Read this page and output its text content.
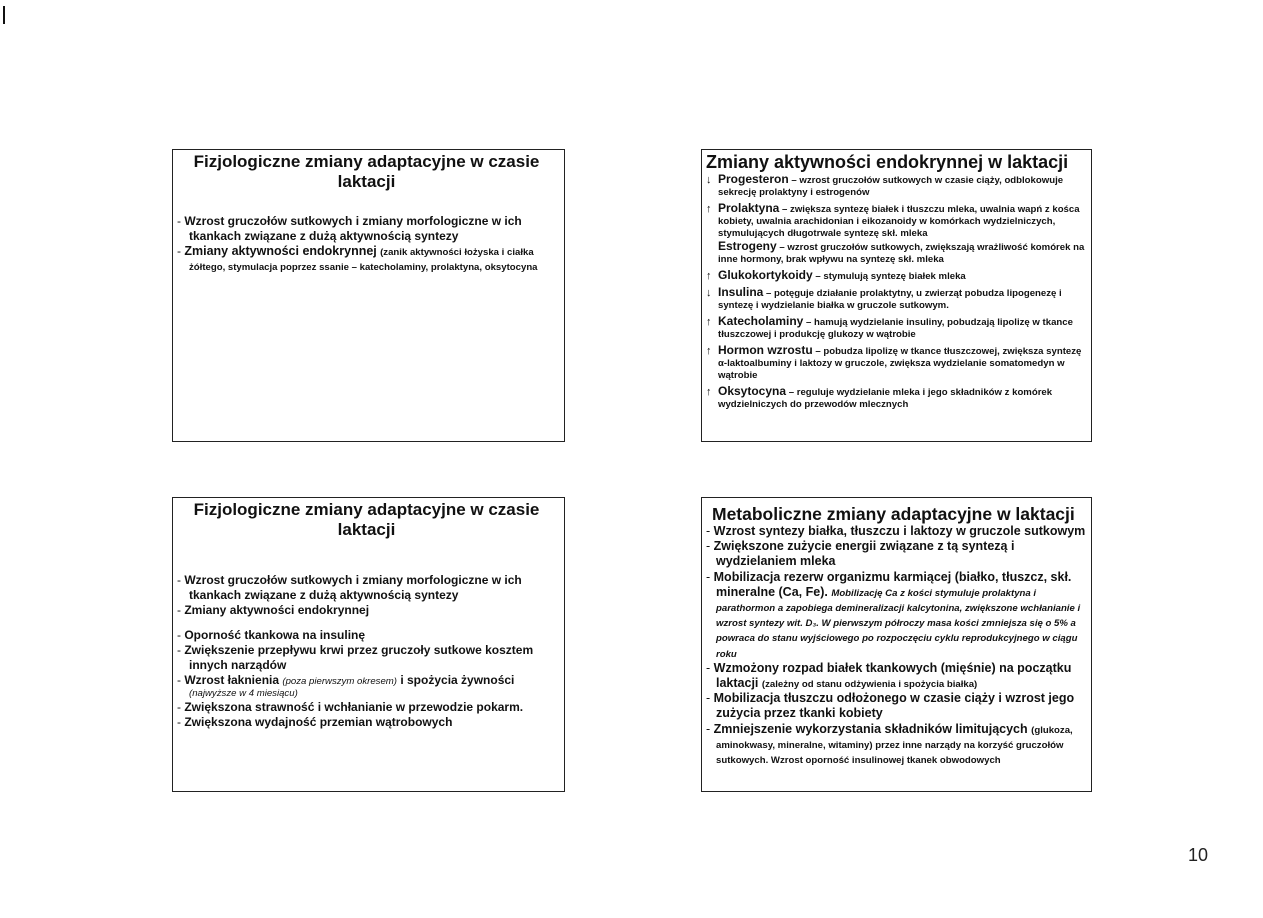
Fizjologiczne zmiany adaptacyjne w czasie laktacji

- Wzrost gruczołów sutkowych i zmiany morfologiczne w ich tkankach związane z dużą aktywnością syntezy

- Zmiany aktywności endokrynnej (zanik aktywności łożyska i ciałka żółtego, stymulacja poprzez ssanie – katecholaminy, prolaktyna, oksytocyna

Zmiany aktywności endokrynnej w laktacji

↓ Progesteron – wzrost gruczołów sutkowych w czasie ciąży, odblokowuje sekrecję prolaktyny i estrogenów

↑ Prolaktyna – zwiększa syntezę białek i tłuszczu mleka, uwalnia wapń z kośca kobiety, uwalnia arachidonian i eikozanoidy w komórkach wydzielniczych, stymulujących długotrwale syntezę skł. mleka

Estrogeny – wzrost gruczołów sutkowych, zwiększają wrażliwość komórek na inne hormony, brak wpływu na syntezę skł. mleka

↑ Glukokortykoidy – stymulują syntezę białek mleka

↓ Insulina – potęguje działanie prolaktytny, u zwierząt pobudza lipogenezę i syntezę i wydzielanie białka w gruczole sutkowym.

↑ Katecholaminy – hamują wydzielanie insuliny, pobudzają lipolizę w tkance tłuszczowej i produkcję glukozy w wątrobie

↑ Hormon wzrostu – pobudza lipolizę w tkance tłuszczowej, zwiększa syntezę α-laktoalbuminy i laktozy w gruczole, zwiększa wydzielanie somatomedyn w wątrobie

↑ Oksytocyna – reguluje wydzielanie mleka i jego składników z komórek wydzielniczych do przewodów mlecznych

Fizjologiczne zmiany adaptacyjne w czasie laktacji

- Wzrost gruczołów sutkowych i zmiany morfologiczne w ich tkankach związane z dużą aktywnością syntezy

- Zmiany aktywności endokrynnej

- Oporność tkankowa na insulinę

- Zwiększenie przepływu krwi przez gruczoły sutkowe kosztem innych narządów

- Wzrost łaknienia (poza pierwszym okresem) i spożycia żywności
(najwyższe w 4 miesiącu)

- Zwiększona strawność i wchłanianie w przewodzie pokarm.

- Zwiększona wydajność przemian wątrobowych

Metaboliczne zmiany adaptacyjne w laktacji

- Wzrost syntezy białka, tłuszczu i laktozy w gruczole sutkowym

- Zwiększone zużycie energii związane z tą syntezą i wydzielaniem mleka

- Mobilizacja rezerw organizmu karmiącej (białko, tłuszcz, skł. mineralne (Ca, Fe). Mobilizację Ca z kości stymuluje prolaktyna i parathormon a zapobiega demineralizacji kalcytonina, zwiększone wchłanianie i wzrost syntezy wit. D₃. W pierwszym półroczy masa kości zmniejsza się o 5% a powraca do stanu wyjściowego po rozpoczęciu cyklu reprodukcyjnego w ciągu roku

- Wzmożony rozpad białek tkankowych (mięśnie) na początku laktacji (zależny od stanu odżywienia i spożycia białka)

- Mobilizacja tłuszczu odłożonego w czasie ciąży i wzrost jego zużycia przez tkanki kobiety

- Zmniejszenie wykorzystania składników limitujących (glukoza, aminokwasy, mineralne, witaminy) przez inne narządy na korzyść gruczołów sutkowych. Wzrost oporność insulinowej tkanek obwodowych

10
